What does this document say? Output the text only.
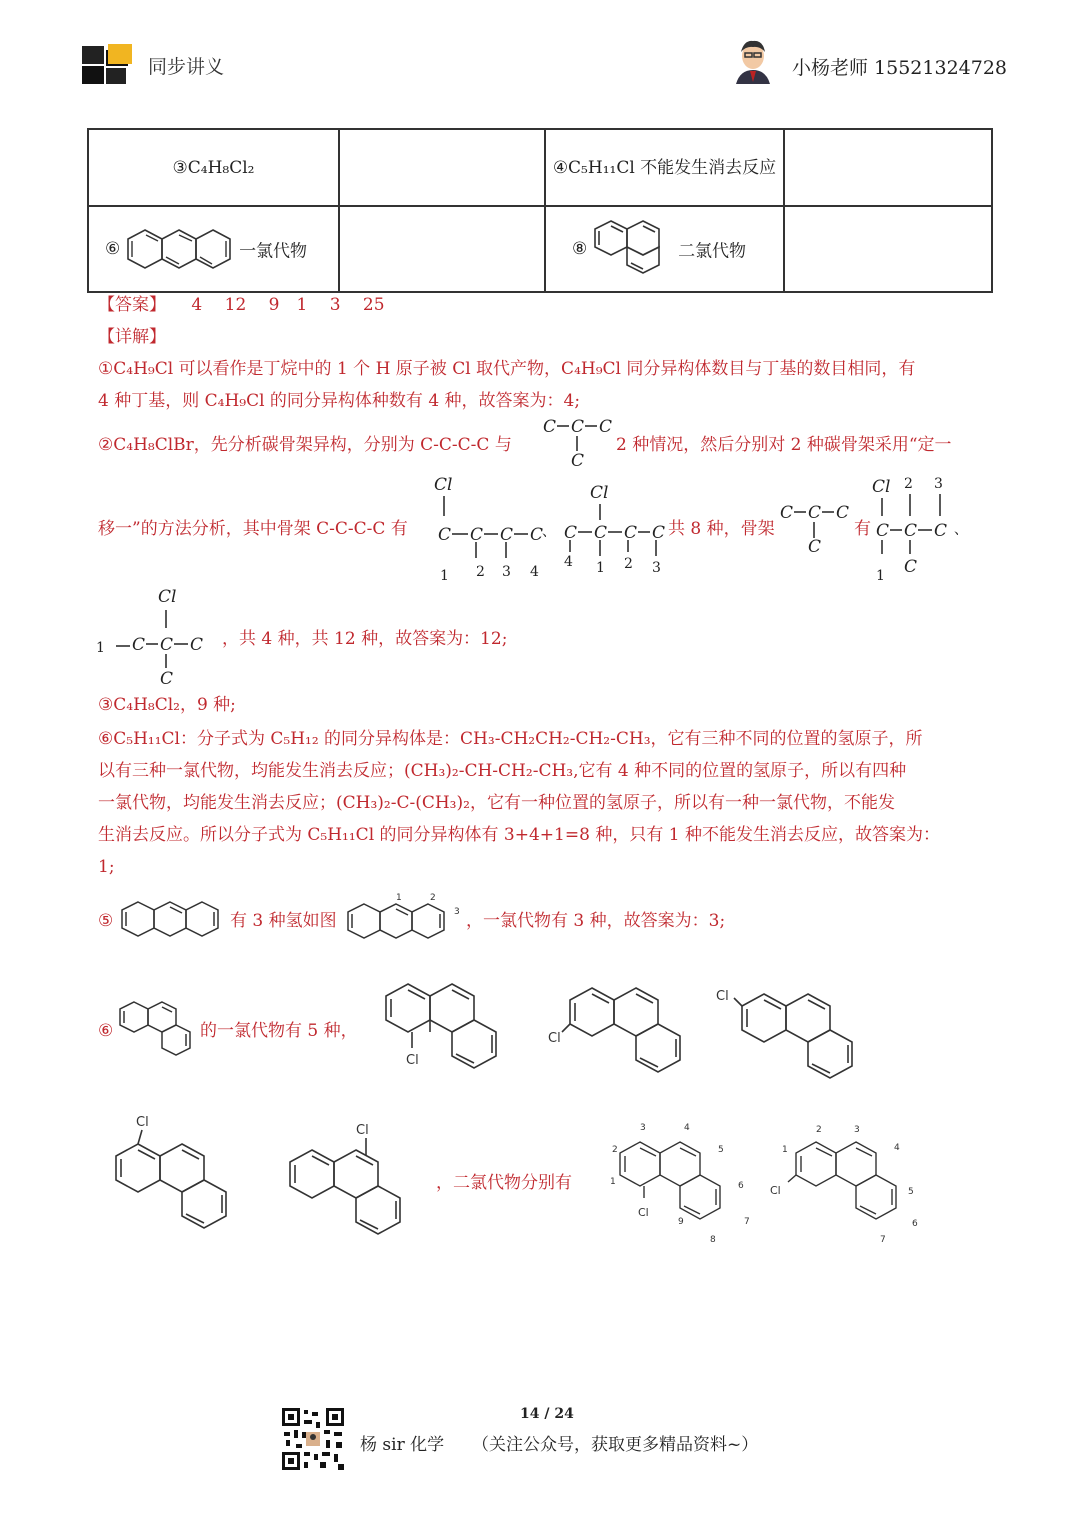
同步讲义	小杨老师 15521324728
③C₄H₈Cl₂		④C₅H₁₁Cl 不能发生消去反应	
⑥ 一氯代物		⑧ 二氯代物	
【答案】 4　 12　 9　1　 3　 25
【详解】
①C₄H₉Cl 可以看作是丁烷中的 1 个 H 原子被 Cl 取代产物，C₄H₉Cl 同分异构体数目与丁基的数目相同，有
4 种丁基，则 C₄H₉Cl 的同分异构体种数有 4 种，故答案为：4;
②C₄H₈ClBr，先分析碳骨架异构，分别为 C-C-C-C 与
C C C
C
2 种情况，然后分别对 2 种碳骨架采用“定一
移一”的方法分析，其中骨架 C-C-C-C 有
Cl
C C C C
1 2 3 4
、
Cl
C C C C
4 1 2 3
共 8 种，骨架
C C C
C
有
Cl 2 3
C C C 、
1 C
Cl
1 C C C
C
，共 4 种，共 12 种，故答案为：12;
③C₄H₈Cl₂，9 种;
⑥C₅H₁₁Cl：分子式为 C₅H₁₂ 的同分异构体是：CH₃-CH₂CH₂-CH₂-CH₃，它有三种不同的位置的氢原子，所
以有三种一氯代物，均能发生消去反应；(CH₃)₂-CH-CH₂-CH₃,它有 4 种不同的位置的氢原子，所以有四种
一氯代物，均能发生消去反应；(CH₃)₂-C-(CH₃)₂，它有一种位置的氢原子，所以有一种一氯代物，不能发
生消去反应。所以分子式为 C₅H₁₁Cl 的同分异构体有 3+4+1=8 种，只有 1 种不能发生消去反应，故答案为：
1;
⑤	有 3 种氢如图
1	2
3 ，一氯代物有 3 种，故答案为：3;
⑥	的一氯代物有 5 种，
Cl
Cl
Cl
Cl
Cl
，二氯代物分别有
Cl
3	4
2
1
5
6
7
8
9
Cl
1
2	3
4
5
6
7
14 / 24
杨 sir 化学 （关注公众号，获取更多精品资料~）
